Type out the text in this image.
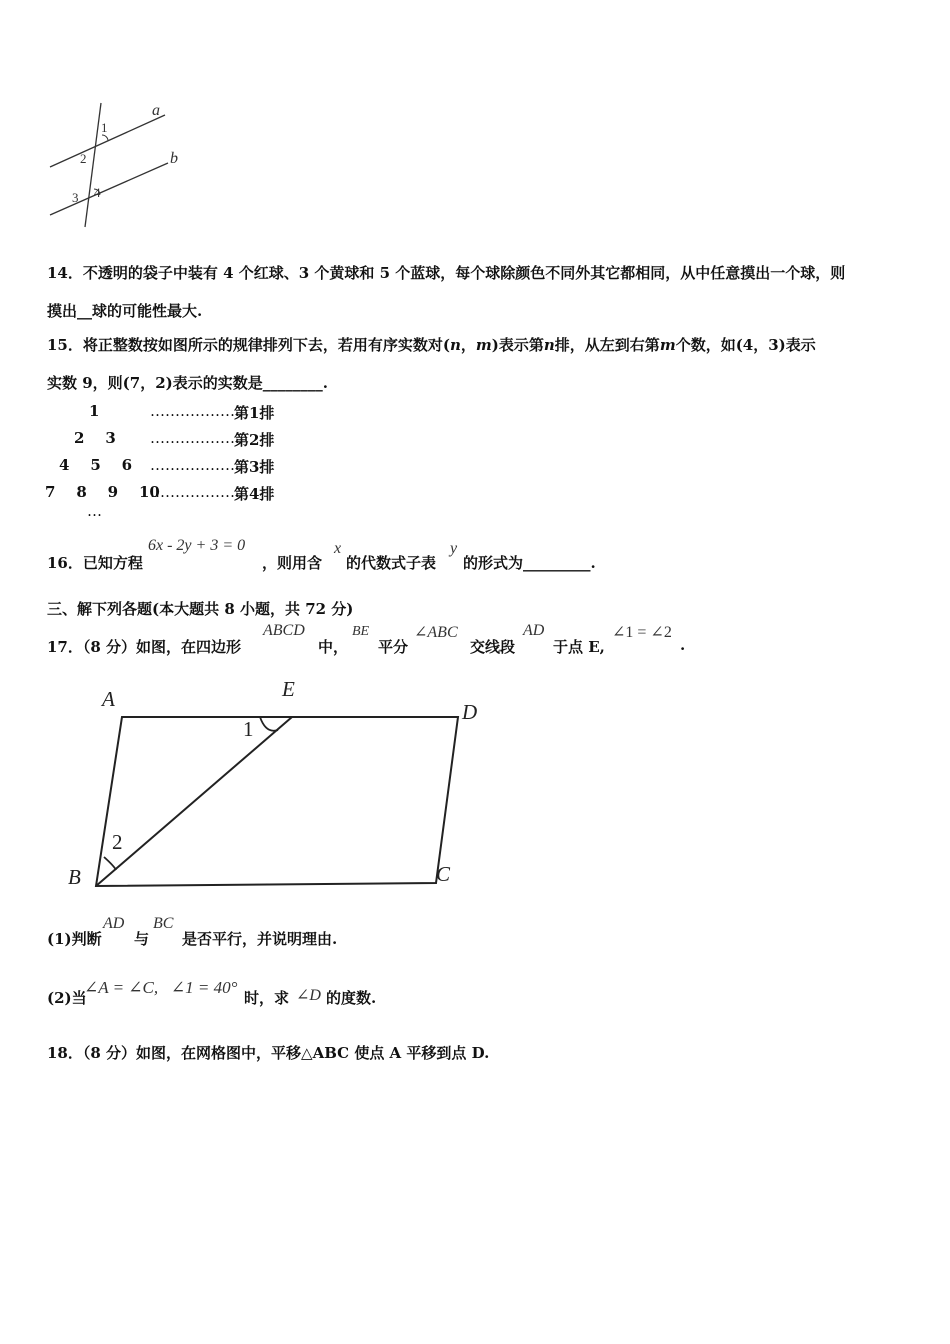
a
b
1
2
3 4
14．不透明的袋子中装有 4 个红球、3 个黄球和 5 个蓝球，每个球除颜色不同外其它都相同，从中任意摸出一个球，则
摸出__球的可能性最大.
15．将正整数按如图所示的规律排列下去，若用有序实数对(n，m)表示第n排，从左到右第m个数，如(4，3)表示
实数 9，则(7，2)表示的实数是________.
1
2    3
4    5    6
7    8    9    10
………………
………………
………………
………………
第1排
第2排
第3排
第4排
…
16．已知方程
6x - 2y + 3 = 0
，则用含
x
的代数式子表
y
的形式为_________.
三、解下列各题(本大题共 8 小题，共 72 分)
17．（8 分）如图，在四边形
ABCD
中，
BE
平分
∠ABC
交线段
AD
于点 E,
∠1 = ∠2
.
A	E
D
B	C
1
2
(1)判断
AD
与
BC
是否平行，并说明理由.
(2)当
∠A = ∠C,   ∠1 = 40°
时，求 ∠D 的度数.
18．（8 分）如图，在网格图中，平移△ABC 使点 A 平移到点 D.
